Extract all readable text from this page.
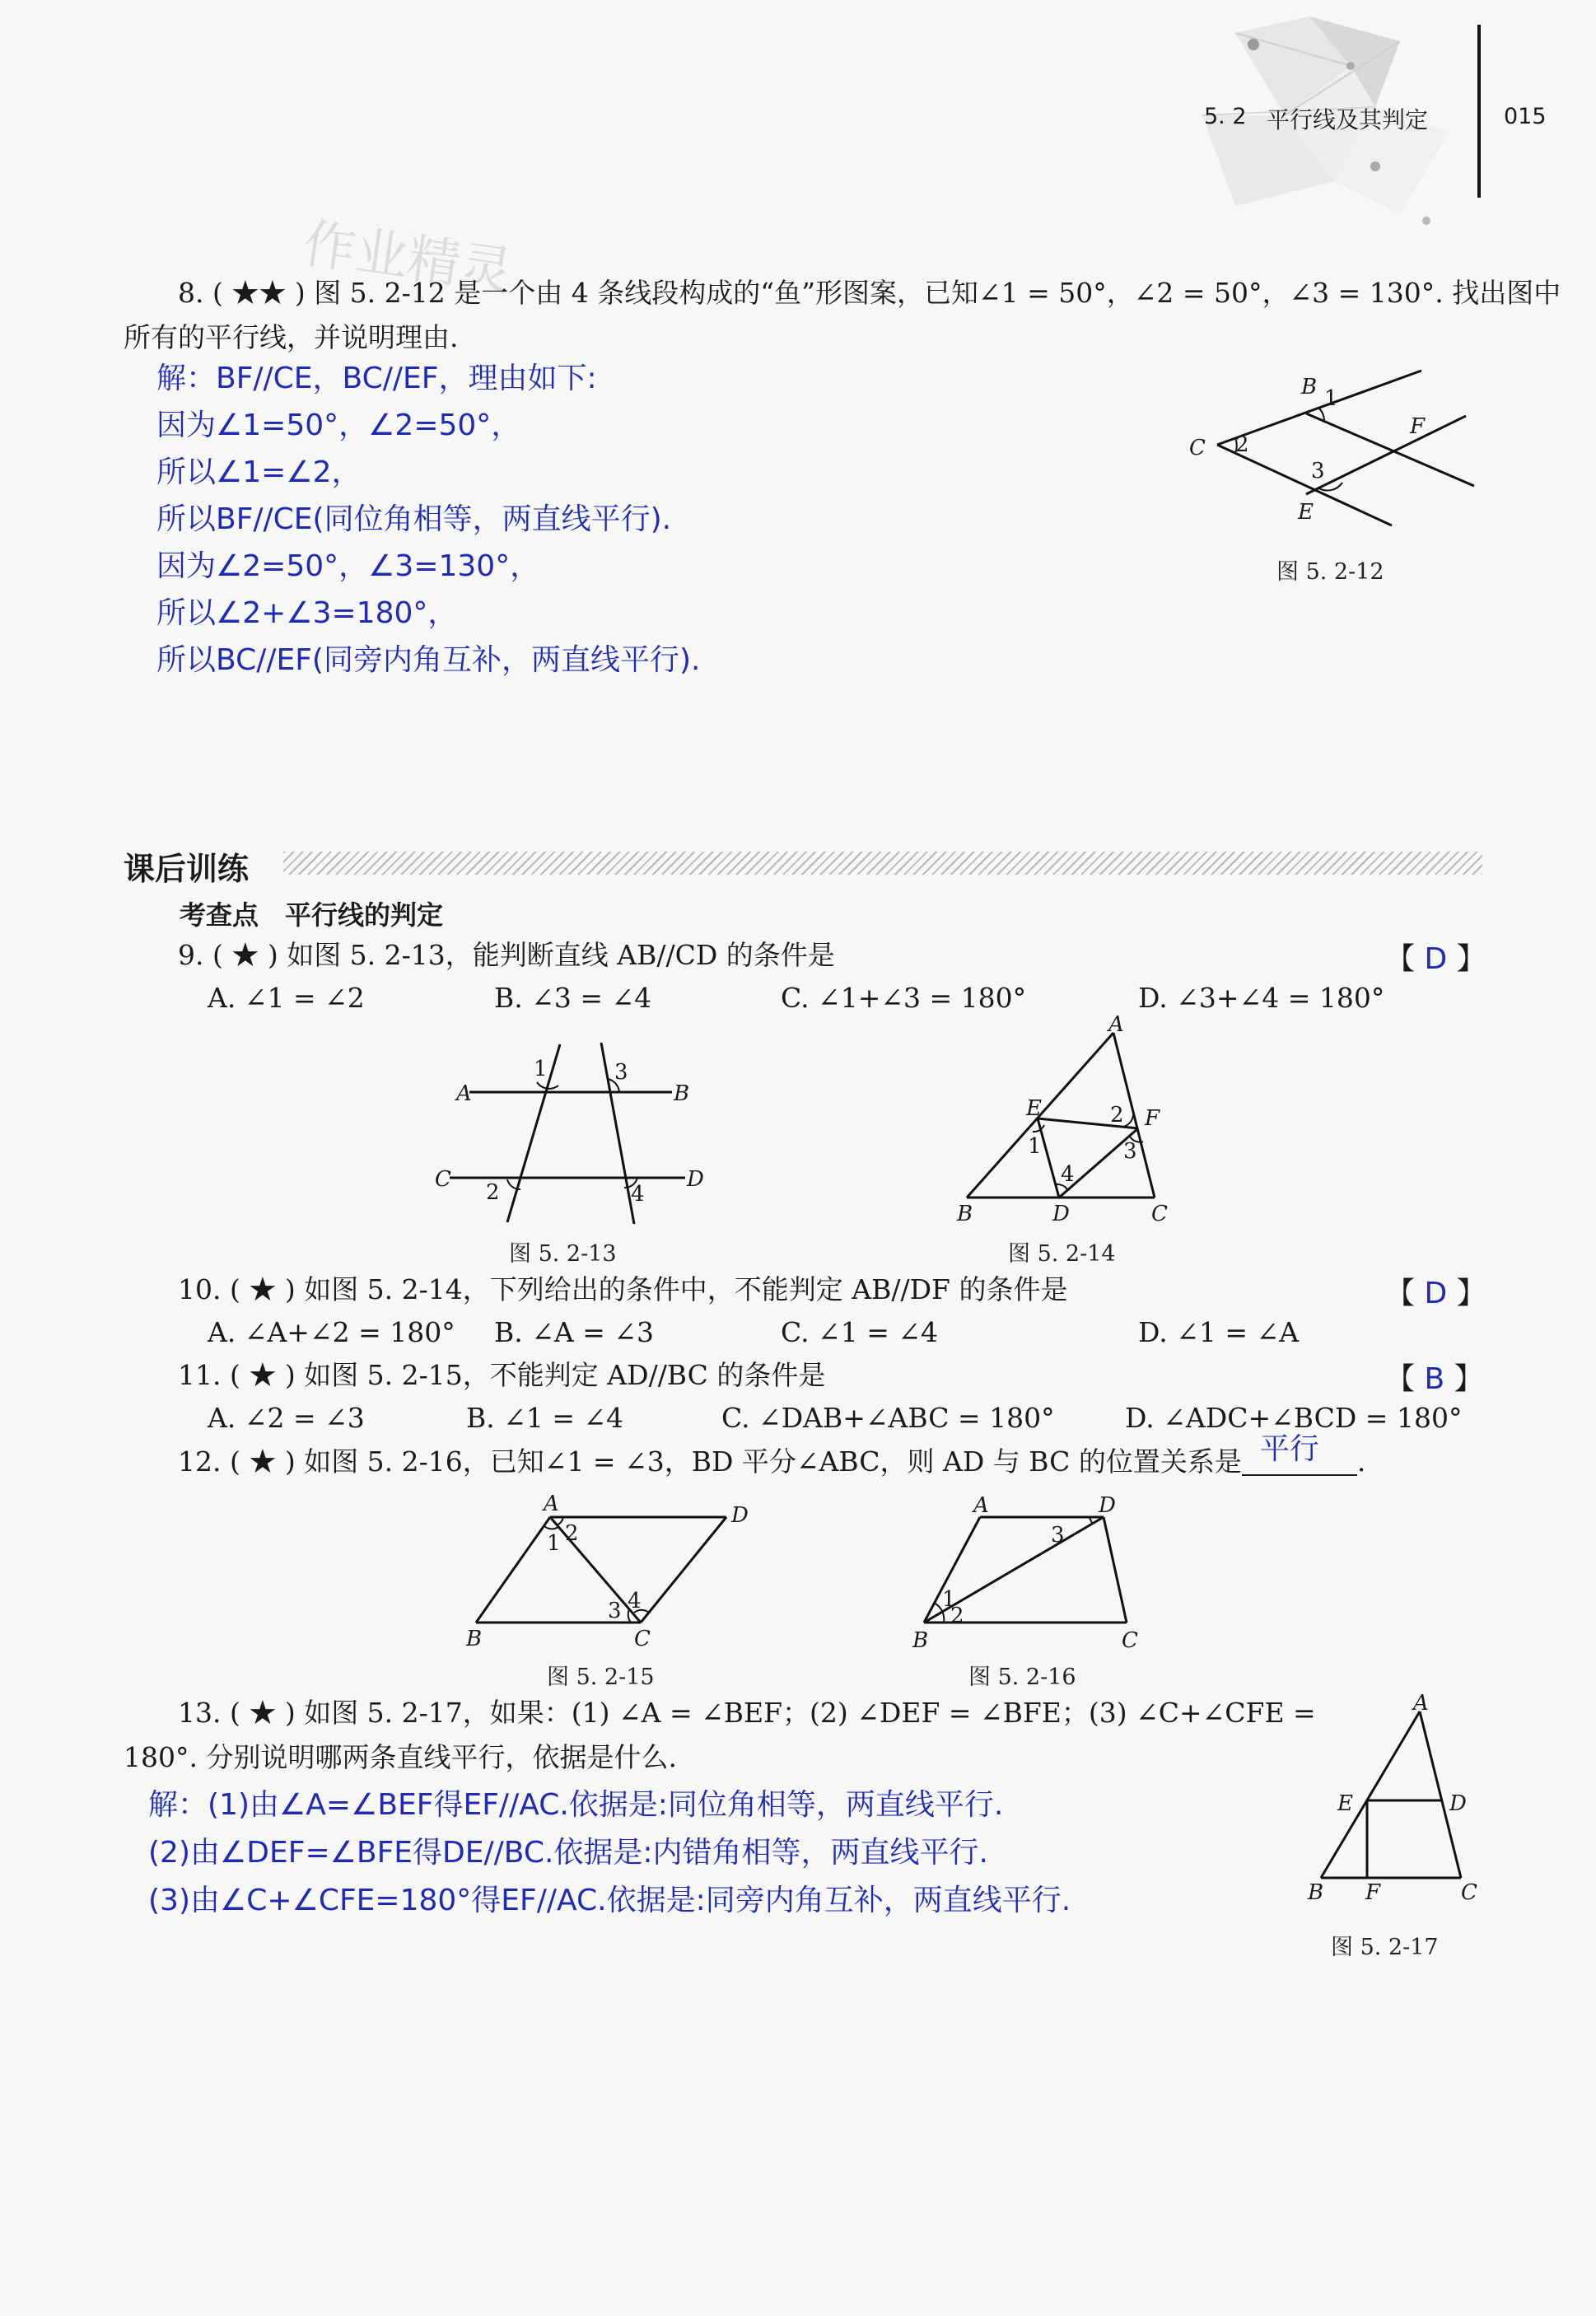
5. 2 平行线及其判定	015
作业精灵
8. ( ★★ ) 图 5. 2-12 是一个由 4 条线段构成的“鱼”形图案，已知∠1 = 50°，∠2 = 50°，∠3 = 130°. 找出图中
所有的平行线，并说明理由.
解：BF//CE，BC//EF，理由如下:
因为∠1=50°，∠2=50°，
所以∠1=∠2，
所以BF//CE(同位角相等，两直线平行).
因为∠2=50°，∠3=130°，
所以∠2+∠3=180°，
所以BC//EF(同旁内角互补，两直线平行).
B 1
C 2
F
3
E
图 5. 2-12
课后训练
考查点　平行线的判定
9. ( ★ ) 如图 5. 2-13，能判断直线 AB//CD 的条件是	【 D 】
A. ∠1 = ∠2	B. ∠3 = ∠4	C. ∠1+∠3 = 180°	D. ∠3+∠4 = 180°
A	B
C	D
1	3
2	4
图 5. 2-13
A
E	F
B	D	C
1
2
3
4
图 5. 2-14
10. ( ★ ) 如图 5. 2-14，下列给出的条件中，不能判定 AB//DF 的条件是	【 D 】
A. ∠A+∠2 = 180° B. ∠A = ∠3	C. ∠1 = ∠4	D. ∠1 = ∠A
11. ( ★ ) 如图 5. 2-15，不能判定 AD//BC 的条件是	【 B 】
A. ∠2 = ∠3	B. ∠1 = ∠4	C. ∠DAB+∠ABC = 180°	D. ∠ADC+∠BCD = 180°
12. ( ★ ) 如图 5. 2-16，已知∠1 = ∠3，BD 平分∠ABC，则 AD 与 BC 的位置关系是 平行 .
A	D
B	C
1 2
3 4
图 5. 2-15
A	D
B	C
1
2
3
图 5. 2-16
13. ( ★ ) 如图 5. 2-17，如果：(1) ∠A = ∠BEF；(2) ∠DEF = ∠BFE；(3) ∠C+∠CFE =
180°. 分别说明哪两条直线平行，依据是什么.
解：(1)由∠A=∠BEF得EF//AC.依据是:同位角相等，两直线平行.
(2)由∠DEF=∠BFE得DE//BC.依据是:内错角相等，两直线平行.
(3)由∠C+∠CFE=180°得EF//AC.依据是:同旁内角互补，两直线平行.
A
E	D
B F	C
图 5. 2-17
